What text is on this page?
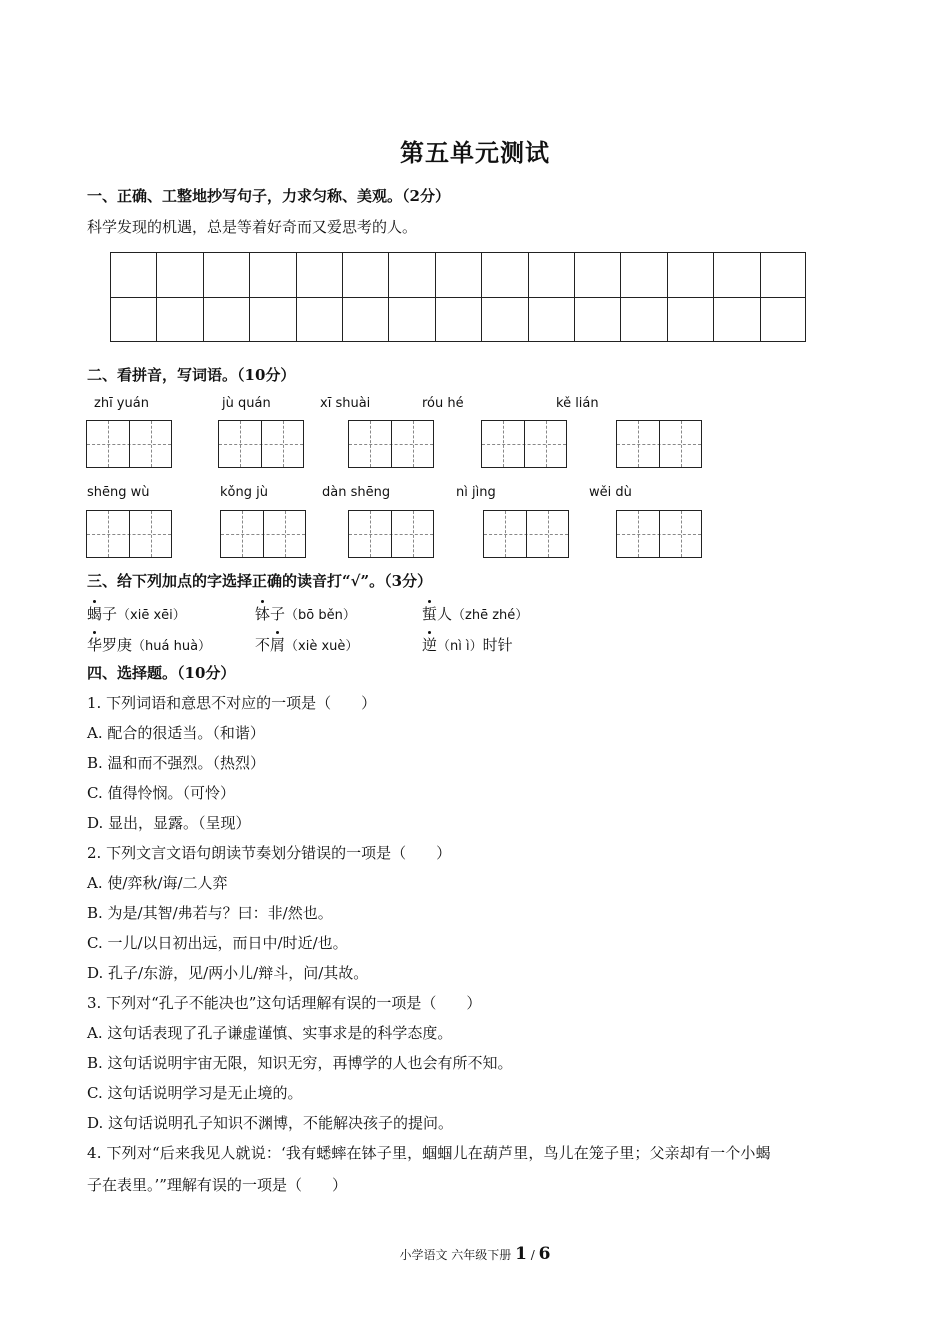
第五单元测试
一、正确、工整地抄写句子，力求匀称、美观。（2分）
科学发现的机遇，总是等着好奇而又爱思考的人。
二、看拼音，写词语。（10分）
zhī yuán	jù quán	xī shuài	róu hé	kě lián
shēng wù	kǒng jù	dàn shēng	nì jìng	wěi dù
三、给下列加点的字选择正确的读音打“√”。（3分）
蝎子（xiē xēi）	钵子（bō běn）	蜇人（zhē zhé）
华罗庚（huá huà）	不屑（xiè xuè）	逆（nì ì）时针
四、选择题。（10分）
1. 下列词语和意思不对应的一项是（　　）
A. 配合的很适当。（和谐）
B. 温和而不强烈。（热烈）
C. 值得怜悯。（可怜）
D. 显出，显露。（呈现）
2. 下列文言文语句朗读节奏划分错误的一项是（　　）
A. 使/弈秋/诲/二人弈
B. 为是/其智/弗若与？曰：非/然也。
C. 一儿/以日初出远，而日中/时近/也。
D. 孔子/东游，见/两小儿/辩斗，问/其故。
3. 下列对“孔子不能决也”这句话理解有误的一项是（　　）
A. 这句话表现了孔子谦虚谨慎、实事求是的科学态度。
B. 这句话说明宇宙无限，知识无穷，再博学的人也会有所不知。
C. 这句话说明学习是无止境的。
D. 这句话说明孔子知识不渊博，不能解决孩子的提问。
4. 下列对“后来我见人就说：‘我有蟋蟀在钵子里，蝈蝈儿在葫芦里，鸟儿在笼子里；父亲却有一个小蝎
子在表里。’”理解有误的一项是（　　）
小学语文 六年级下册 1 / 6
